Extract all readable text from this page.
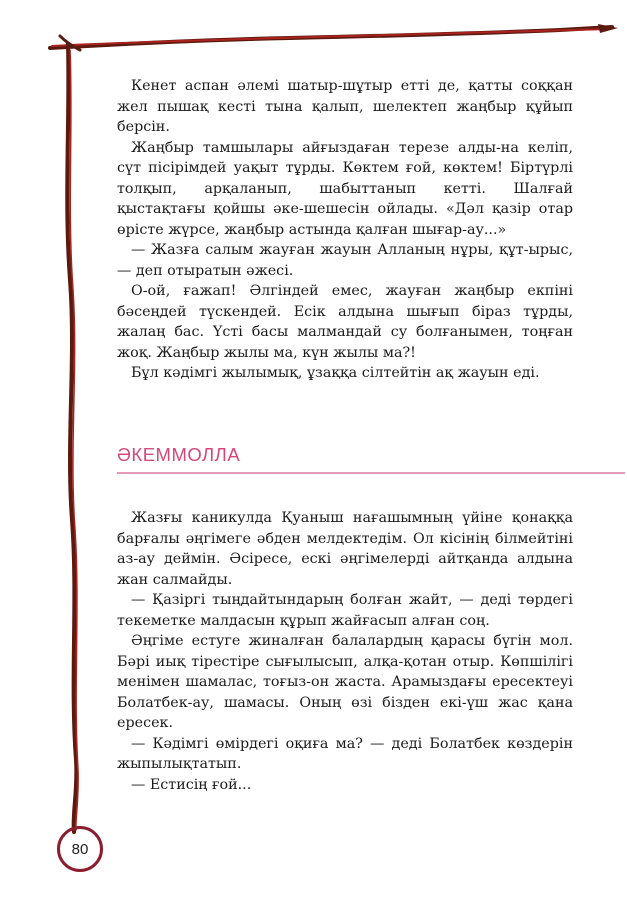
Кенет аспан әлемі шатыр-шұтыр етті де, қатты соққан жел пышақ кесті тына қалып, шелектеп жаңбыр құйып берсін.

Жаңбыр тамшылары айғыздаған терезе алды-на келіп, сүт пісірімдей уақыт тұрды. Көктем ғой, көктем! Біртүрлі толқып, арқаланып, шабыттанып кетті. Шалғай қыстақтағы қойшы әке-шешесін ойлады. «Дәл қазір отар өрісте жүрсе, жаңбыр астында қалған шығар-ау...»

— Жазға салым жауған жауын Алланың нұры, құт-ырыс,— деп отыратын әжесі.

О-ой, ғажап! Әлгіндей емес, жауған жаңбыр екпіні бәсеңдей түскендей. Есік алдына шығып біраз тұрды, жалаң бас. Үсті басы малмандай су болғанымен, тоңған жоқ. Жаңбыр жылы ма, күн жылы ма?!

Бұл кәдімгі жылымық, ұзаққа сілтейтін ақ жауын еді.

ӘКЕММОЛЛА

Жазғы каникулда Қуаныш нағашымның үйіне қонаққа барғалы әңгімеге әбден мелдектедім. Ол кісінің білмейтіні аз-ау деймін. Әсіресе, ескі әңгімелерді айтқанда алдына жан салмайды.

— Қазіргі тыңдайтындарың болған жайт, — деді төрдегі текеметке малдасын құрып жайғасып алған соң.

Әңгіме естуге жиналған балалардың қарасы бүгін мол. Бәрі иық тірестіре сығылысып, алқа-қотан отыр. Көпшілігі менімен шамалас, тоғыз-он жаста. Арамыздағы ересектеуі Болатбек-ау, шамасы. Оның өзі бізден екі-үш жас қана ересек.

— Кәдімгі өмірдегі оқиға ма? — деді Болатбек көздерін жыпылықтатып.

— Естисің ғой...

80
